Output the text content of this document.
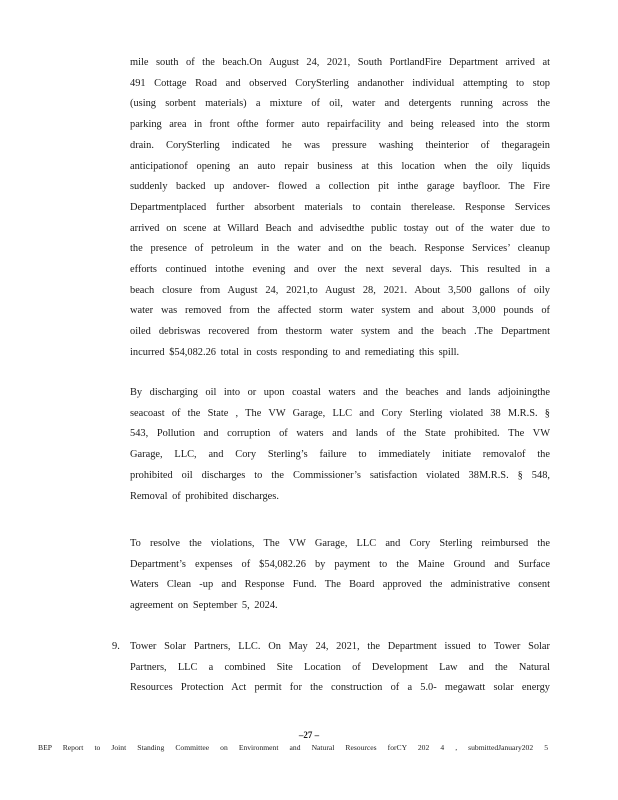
mile south of the beach.On August 24, 2021, South PortlandFire Department arrived at
491 Cottage Road and observed CorySterling andanother individual attempting to stop
(using sorbent materials) a mixture of oil, water and detergents running across the
parking area in front ofthe former auto repairfacility and being released into the storm
drain. CorySterling indicated he was pressure washing theinterior of thegaragein
anticipationof opening an auto repair business at this location when the oily liquids
suddenly backed up andover- flowed a collection pit inthe garage bayfloor. The Fire
Departmentplaced further absorbent materials to contain therelease. Response Services
arrived on scene at Willard Beach and advisedthe public tostay out of the water due to
the presence of petroleum in the water and on the beach. Response Services’ cleanup
efforts continued intothe evening and over the next several days. This resulted in a
beach closure from August 24, 2021,to August 28, 2021. About 3,500 gallons of oily
water was removed from the affected storm water system and about 3,000 pounds of
oiled debriswas recovered from thestorm water system and the beach .The Department
incurred $54,082.26 total in costs responding to and remediating this spill.

By discharging oil into or upon coastal waters and the beaches and lands adjoiningthe
seacoast of the State , The VW Garage, LLC and Cory Sterling violated 38 M.R.S. §
543, Pollution and corruption of waters and lands of the State prohibited. The VW
Garage, LLC, and Cory Sterling’s failure to immediately initiate removalof the
prohibited oil discharges to the Commissioner’s satisfaction violated 38M.R.S. § 548,
Removal of prohibited discharges.

To resolve the violations, The VW Garage, LLC and Cory Sterling reimbursed the
Department’s expenses of $54,082.26 by payment to the Maine Ground and Surface
Waters Clean -up and Response Fund. The Board approved the administrative consent
agreement on September 5, 2024.

9. Tower Solar Partners, LLC. On May 24, 2021, the Department issued to Tower Solar
Partners, LLC a combined Site Location of Development Law and the Natural
Resources Protection Act permit for the construction of a 5.0- megawatt solar energy

–27 –
BEP Report to Joint Standing Committee on Environment and Natural Resources forCY 202 4 , submittedJanuary202 5
